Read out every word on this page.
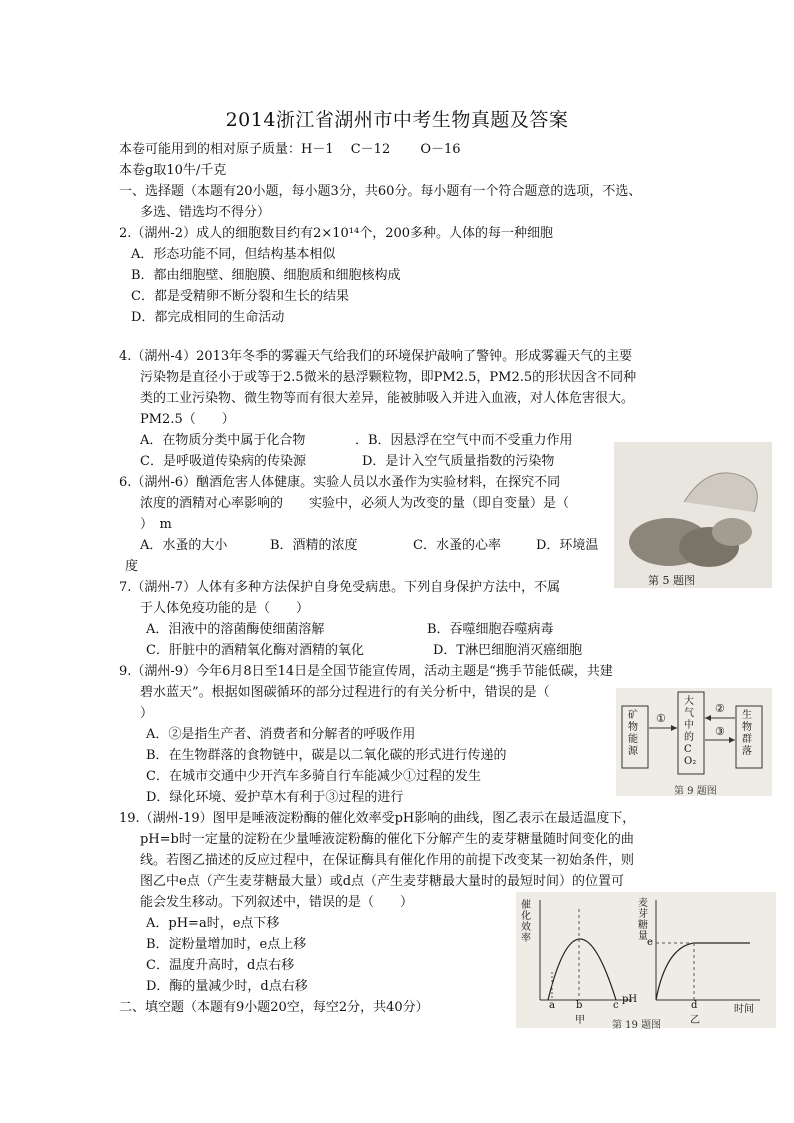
2014浙江省湖州市中考生物真题及答案
本卷可能用到的相对原子质量：H－1　 C－12　　 O－16
本卷g取10牛/千克
一、选择题（本题有20小题，每小题3分，共60分。每小题有一个符合题意的选项，不选、
多选、错选均不得分）
2.（湖州-2）成人的细胞数目约有2×10¹⁴个，200多种。人体的每一种细胞
A．形态功能不同，但结构基本相似
B．都由细胞壁、细胞膜、细胞质和细胞核构成
C．都是受精卵不断分裂和生长的结果
D．都完成相同的生命活动
4.（湖州-4）2013年冬季的雾霾天气给我们的环境保护敲响了警钟。形成雾霾天气的主要
污染物是直径小于或等于2.5微米的悬浮颗粒物，即PM2.5，PM2.5的形状因含不同种
类的工业污染物、微生物等而有很大差异，能被肺吸入并进入血液，对人体危害很大。
PM2.5（　　）
A．在物质分类中属于化合物	．B．因悬浮在空气中而不受重力作用
C．是呼吸道传染病的传染源	D．是计入空气质量指数的污染物
6.（湖州-6）酗酒危害人体健康。实验人员以水蚤作为实验材料，在探究不同
浓度的酒精对心率影响的　　实验中，必须人为改变的量（即自变量）是（
）　m
A．水蚤的大小	B．酒精的浓度	C．水蚤的心率	D．环境温
度
第 5 题图
7.（湖州-7）人体有多种方法保护自身免受病患。下列自身保护方法中，不属
于人体免疫功能的是（　　）
A．泪液中的溶菌酶使细菌溶解	B．吞噬细胞吞噬病毒
C．肝脏中的酒精氧化酶对酒精的氧化	D．T淋巴细胞消灭癌细胞
9.（湖州-9）今年6月8日至14日是全国节能宣传周，活动主题是“携手节能低碳，共建
碧水蓝天”。根据如图碳循环的部分过程进行的有关分析中，错误的是（
）
A．②是指生产者、消费者和分解者的呼吸作用
B．在生物群落的食物链中，碳是以二氧化碳的形式进行传递的
C．在城市交通中少开汽车多骑自行车能减少①过程的发生
D．绿化环境、爱护草木有利于③过程的进行
矿物能源
大气中的CO₂
生物群落
①
②
③
第 9 题图
19.（湖州-19）图甲是唾液淀粉酶的催化效率受pH影响的曲线，图乙表示在最适温度下，
pH=b时一定量的淀粉在少量唾液淀粉酶的催化下分解产生的麦芽糖量随时间变化的曲
线。若图乙描述的反应过程中，在保证酶具有催化作用的前提下改变某一初始条件，则
图乙中e点（产生麦芽糖最大量）或d点（产生麦芽糖最大量时的最短时间）的位置可
能会发生移动。下列叙述中，错误的是（　　）
A．pH=a时，e点下移
B．淀粉量增加时，e点上移
C．温度升高时，d点右移
D．酶的量减少时，d点右移
二、填空题（本题有9小题20空，每空2分，共40分）
催化效率
麦芽糖量
a b	c
pH
e
d	时间
甲	乙
第 19 题图
